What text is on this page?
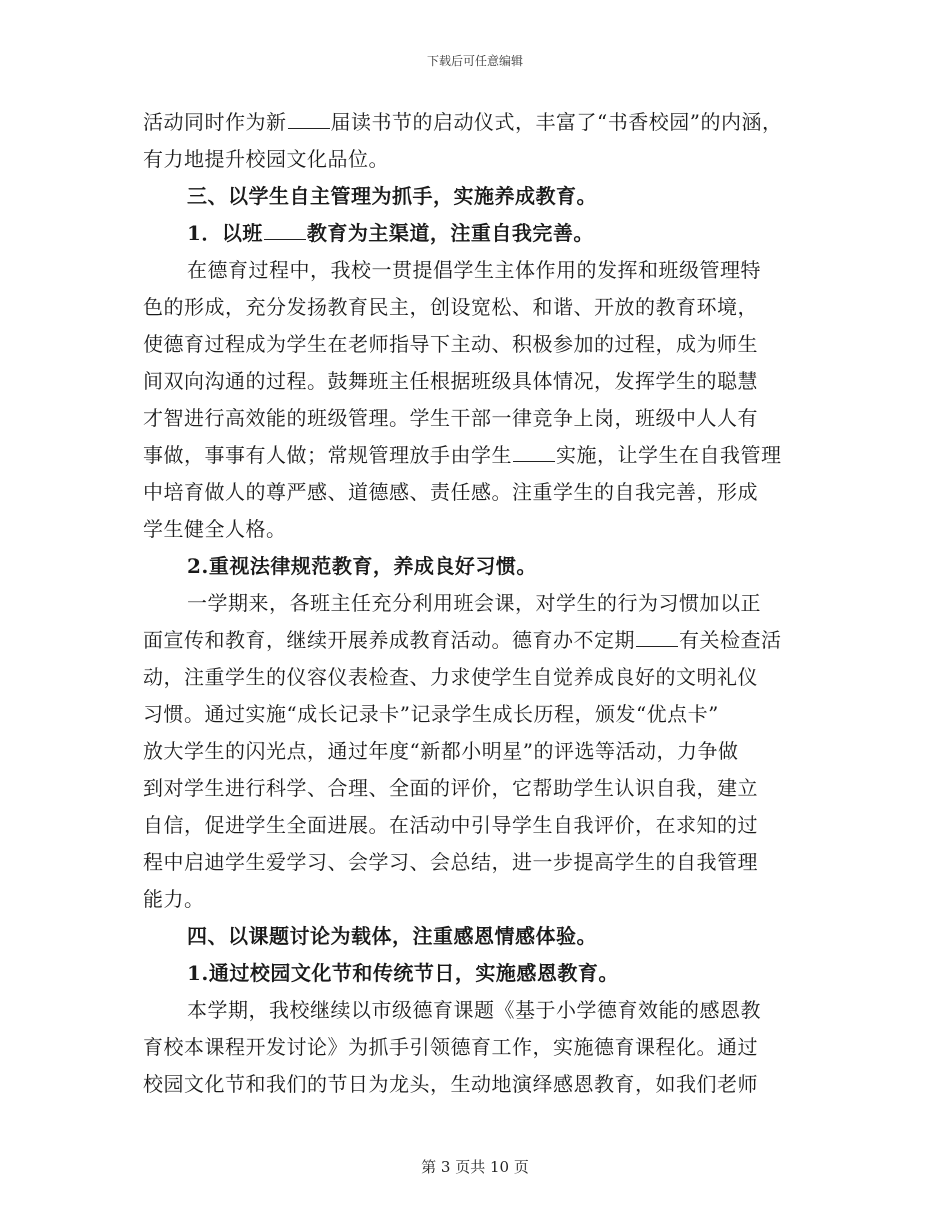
下载后可任意编辑
活动同时作为新 届读书节的启动仪式，丰富了“书香校园”的内涵，
有力地提升校园文化品位。
三、以学生自主管理为抓手，实施养成教育。
1．以班 教育为主渠道，注重自我完善。
在德育过程中，我校一贯提倡学生主体作用的发挥和班级管理特
色的形成，充分发扬教育民主，创设宽松、和谐、开放的教育环境，
使德育过程成为学生在老师指导下主动、积极参加的过程，成为师生
间双向沟通的过程。鼓舞班主任根据班级具体情况，发挥学生的聪慧
才智进行高效能的班级管理。学生干部一律竞争上岗，班级中人人有
事做，事事有人做；常规管理放手由学生 实施，让学生在自我管理
中培育做人的尊严感、道德感、责任感。注重学生的自我完善，形成
学生健全人格。
2.重视法律规范教育，养成良好习惯。
一学期来，各班主任充分利用班会课，对学生的行为习惯加以正
面宣传和教育，继续开展养成教育活动。德育办不定期 有关检查活
动，注重学生的仪容仪表检查、力求使学生自觉养成良好的文明礼仪
习惯。通过实施“成长记录卡”记录学生成长历程，颁发“优点卡”
放大学生的闪光点，通过年度“新都小明星”的评选等活动，力争做
到对学生进行科学、合理、全面的评价，它帮助学生认识自我，建立
自信，促进学生全面进展。在活动中引导学生自我评价，在求知的过
程中启迪学生爱学习、会学习、会总结，进一步提高学生的自我管理
能力。
四、以课题讨论为载体，注重感恩情感体验。
1.通过校园文化节和传统节日，实施感恩教育。
本学期，我校继续以市级德育课题《基于小学德育效能的感恩教
育校本课程开发讨论》为抓手引领德育工作，实施德育课程化。通过
校园文化节和我们的节日为龙头，生动地演绎感恩教育，如我们老师
第 3 页共 10 页
